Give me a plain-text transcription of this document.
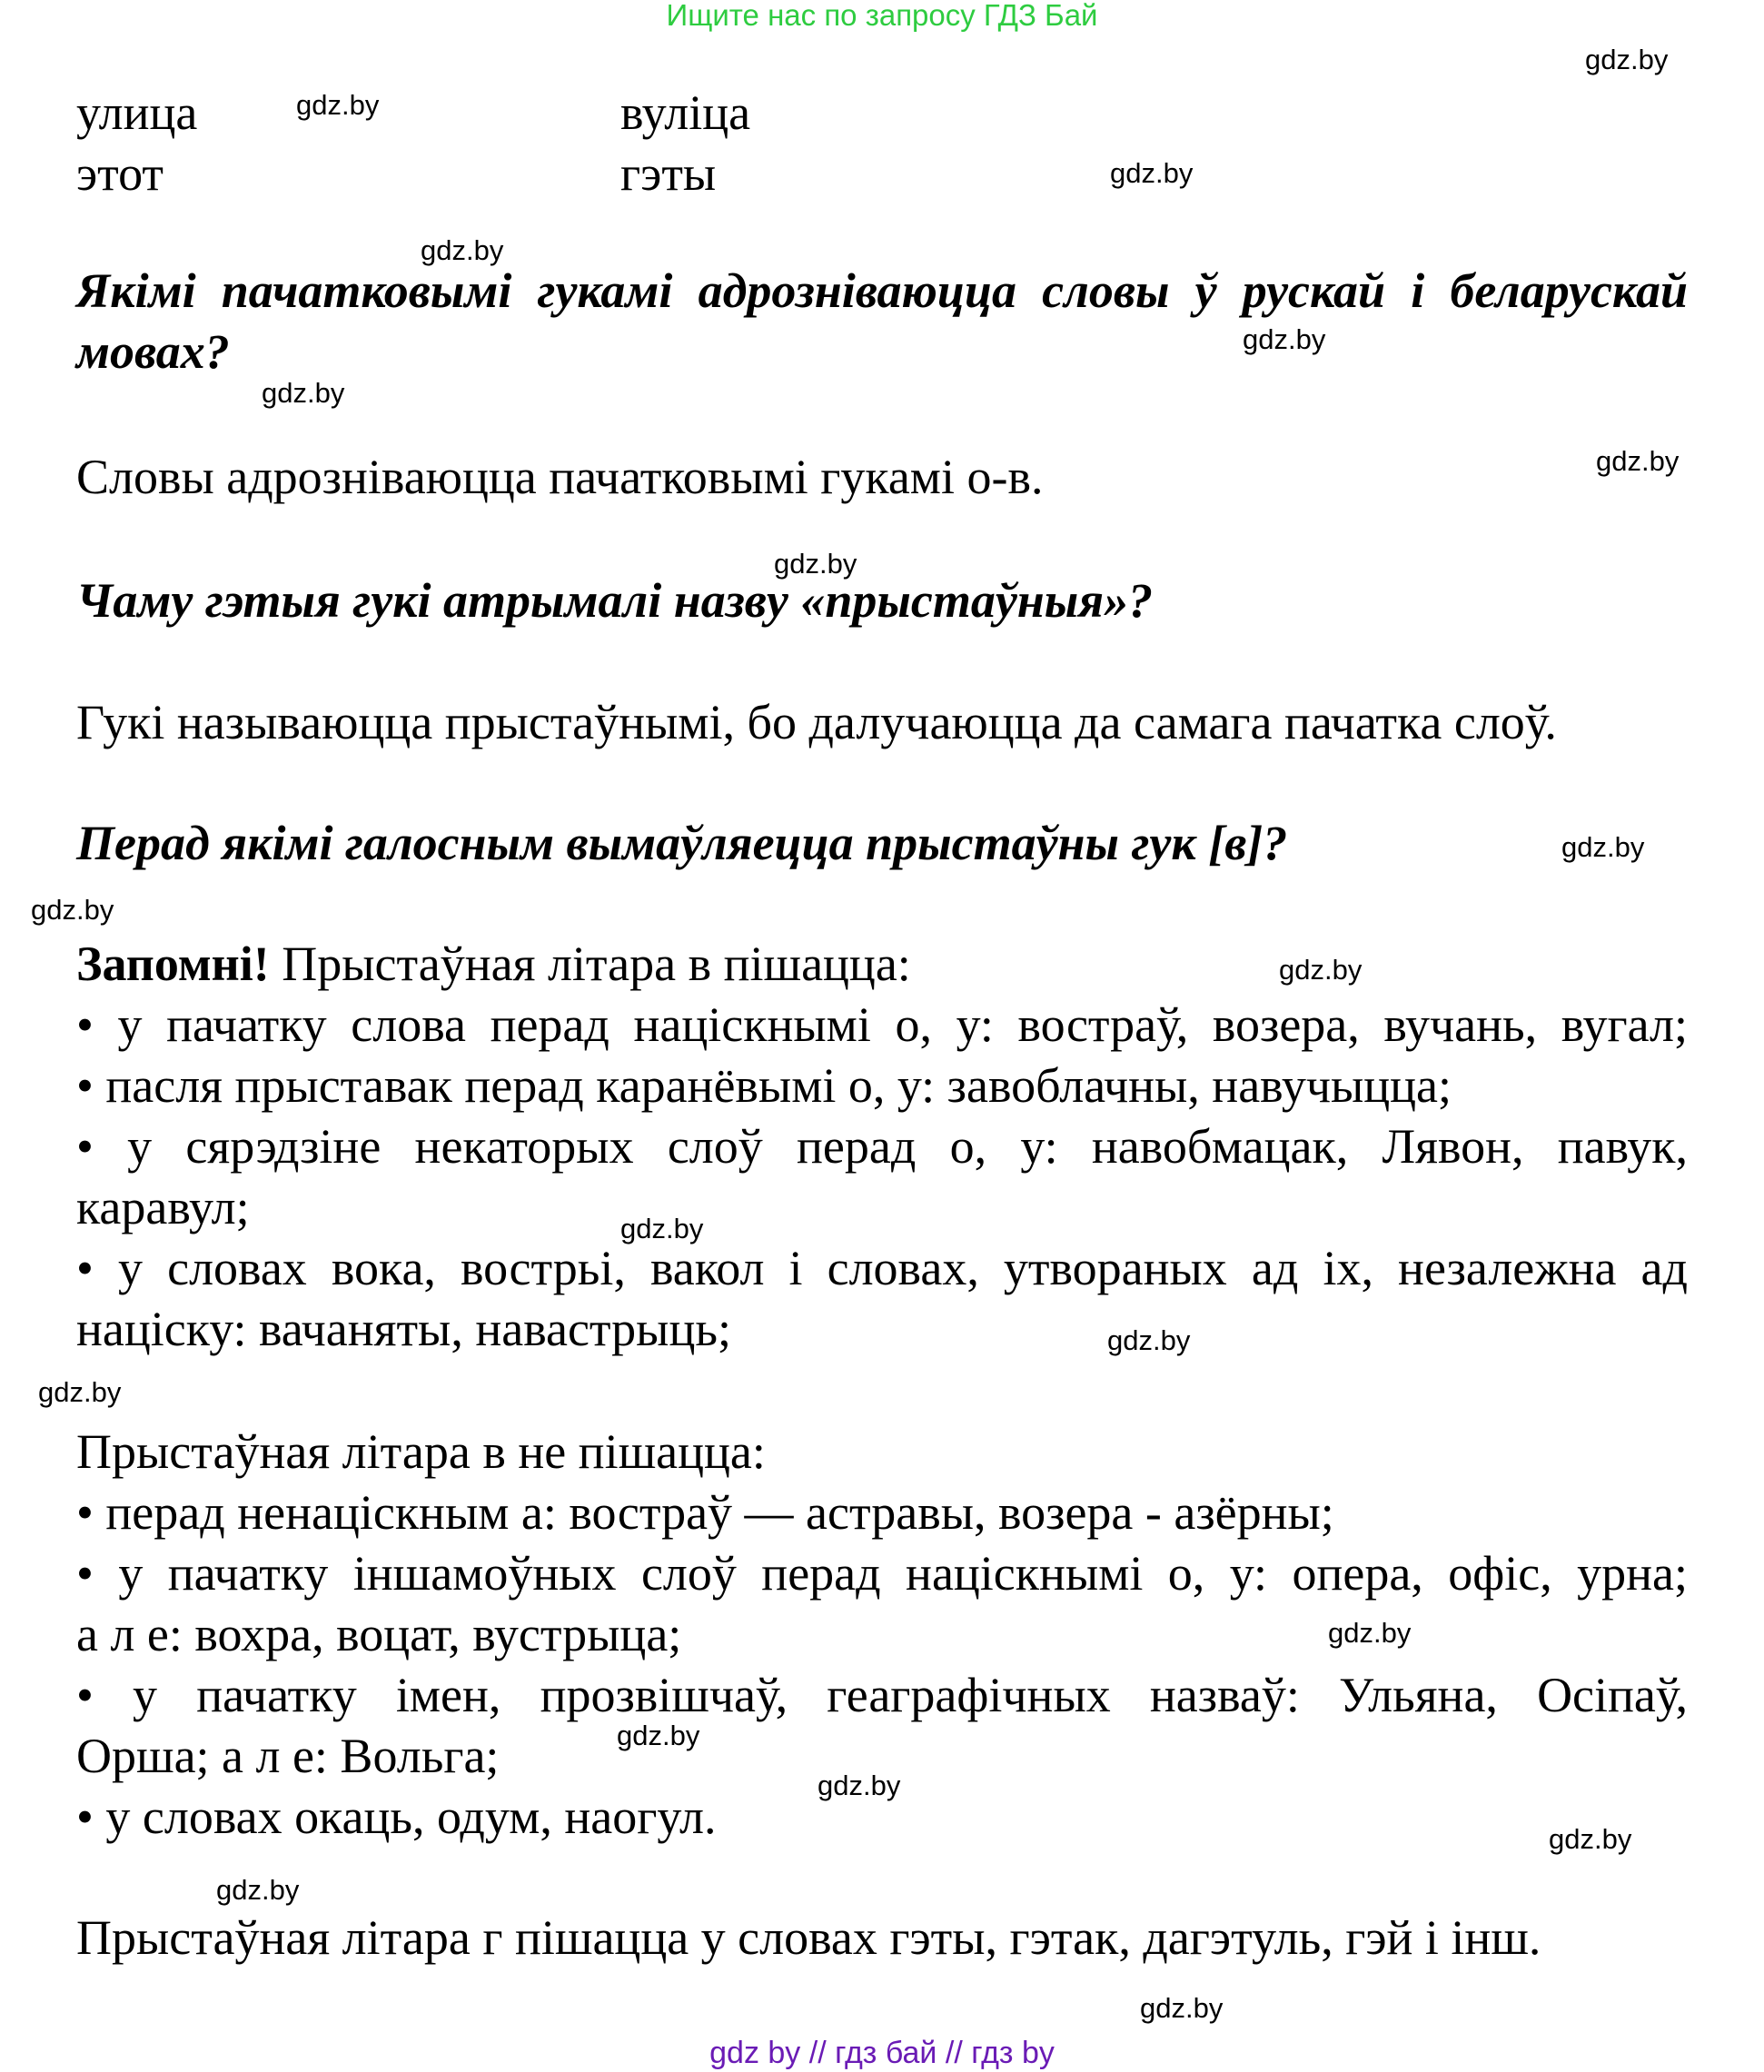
Ищите нас по запросу ГДЗ Бай
gdz.by
gdz.by
gdz.by
gdz.by
gdz.by
gdz.by
gdz.by
gdz.by
gdz.by
gdz.by
gdz.by
gdz.by
gdz.by
gdz.by
gdz.by
gdz.by
gdz.by
gdz.by
gdz.by
gdz.by
улица	вуліца
этот	гэты
Якімі пачатковымі гукамі адрозніваюцца словы ў рускай і беларускай мовах?
Словы адрозніваюцца пачатковымі гукамі о-в.
Чаму гэтыя гукі атрымалі назву «прыстаўныя»?
Гукі называюцца прыстаўнымі, бо далучаюцца да самага пачатка слоў.
Перад якімі галосным вымаўляецца прыстаўны гук [в]?
Запомні! Прыстаўная літара в пішацца:
• у пачатку слова перад націскнымі о, у: востраў, возера, вучань, вугал;
• пасля прыставак перад каранёвымі о, у: завоблачны, навучыцца;
• у сярэдзіне некаторых слоў перад о, у: навобмацак, Лявон, павук,
каравул;
• у словах вока, вострьі, вакол і словах, утвораных ад іх, незалежна ад
націску: вачаняты, навастрыць;
Прыстаўная літара в не пішацца:
• перад ненаціскным а: востраў — астравы, возера - азёрны;
• у пачатку іншамоўных слоў перад націскнымі о, у: опера, офіс, урна;
а л е: вохра, воцат, вустрыца;
• у пачатку імен, прозвішчаў, геаграфічных назваў: Ульяна, Осіпаў,
Орша; а л е: Вольга;
• у словах окаць, одум, наогул.
Прыстаўная літара г пішацца у словах гэты, гэтак, дагэтуль, гэй і інш.
gdz by // гдз бай // гдз by
